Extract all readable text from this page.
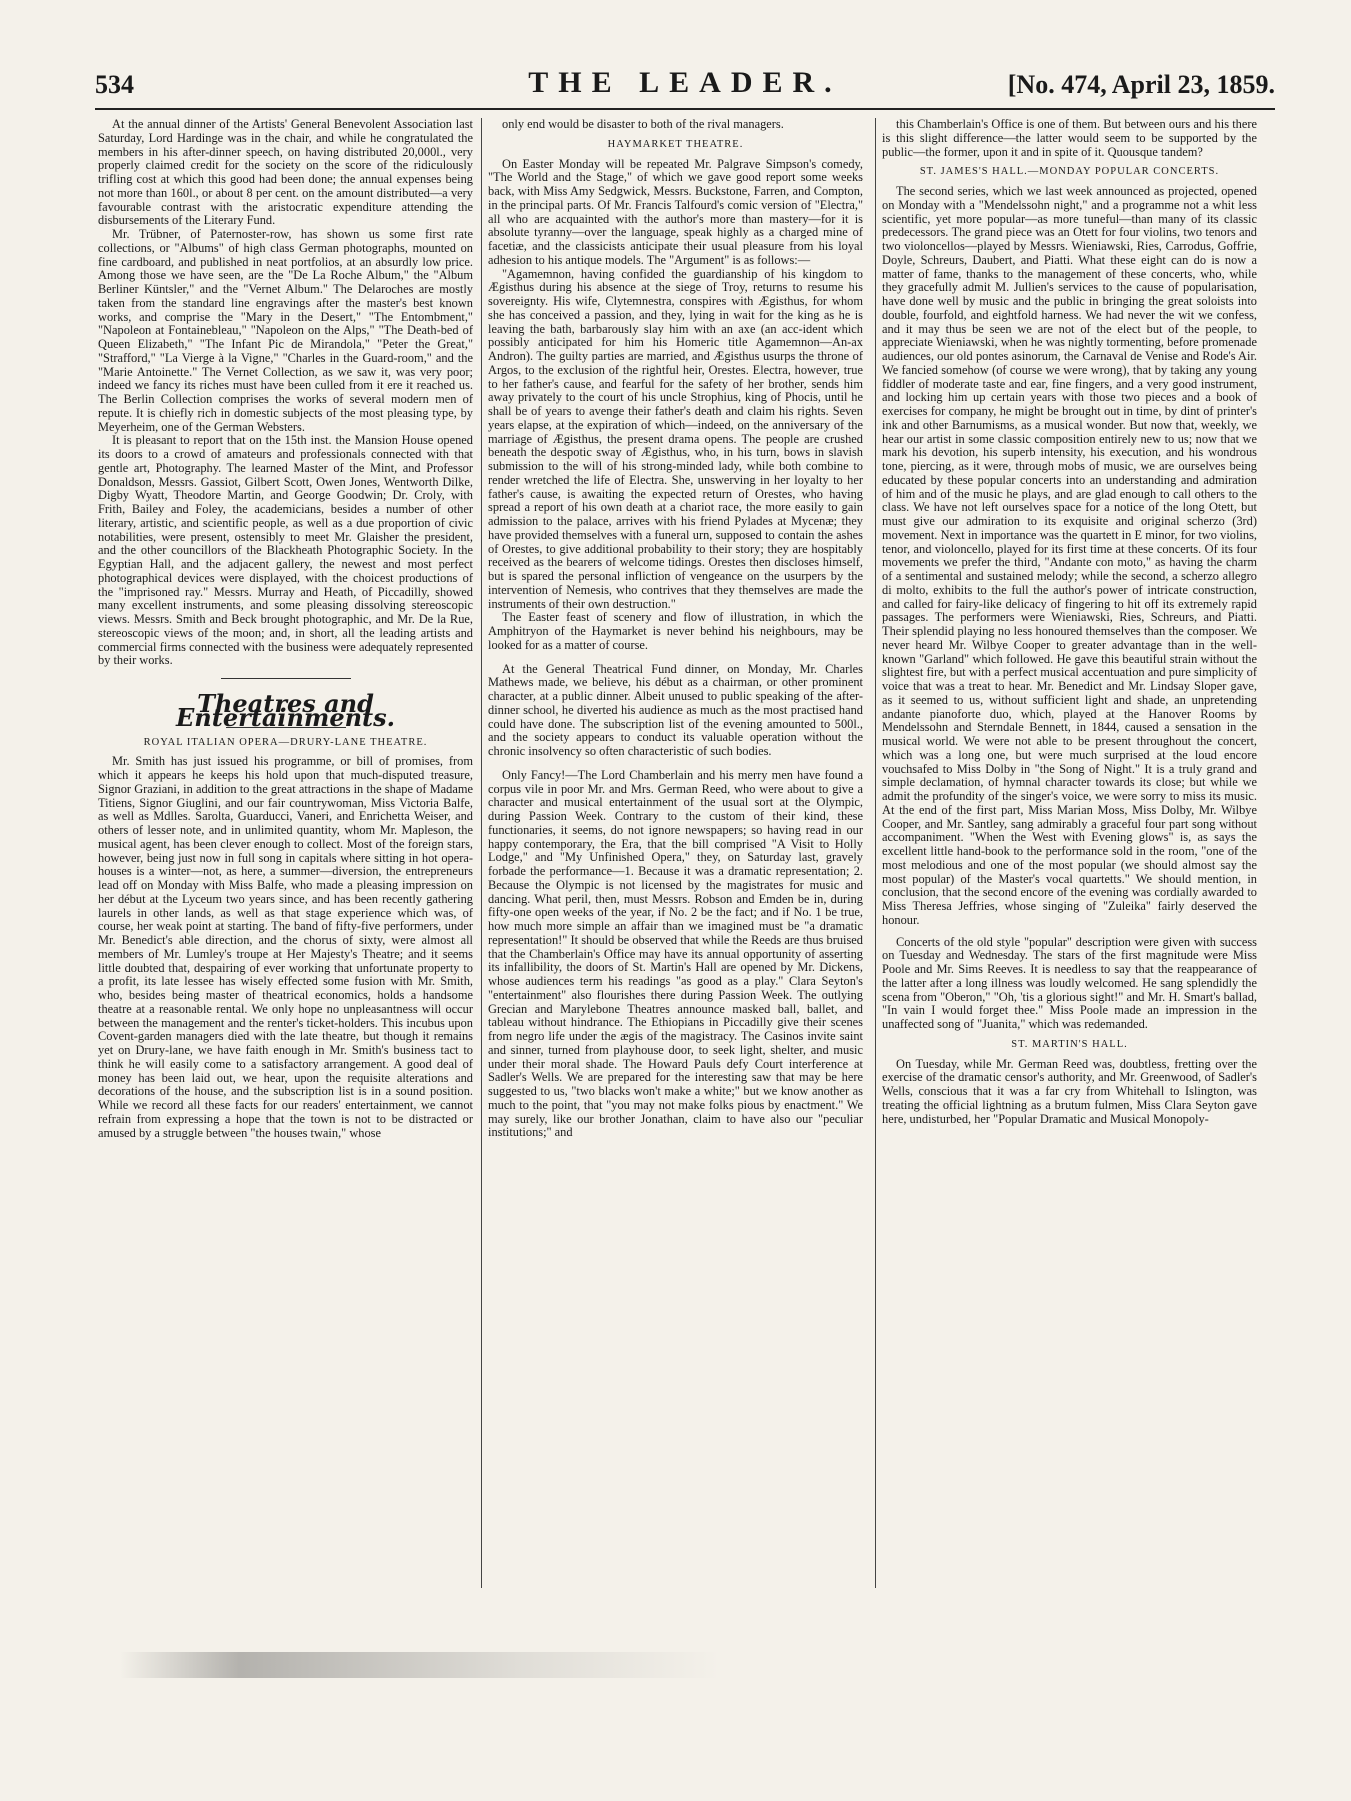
534	THE LEADER.	[No. 474, April 23, 1859.

At the annual dinner of the Artists' General Benevolent Association last Saturday, Lord Hardinge was in the chair, and while he congratulated the members in his after-dinner speech, on having distributed 20,000l., very properly claimed credit for the society on the score of the ridiculously trifling cost at which this good had been done; the annual expenses being not more than 160l., or about 8 per cent. on the amount distributed—a very favourable contrast with the aristocratic expenditure attending the disbursements of the Literary Fund.

Mr. Trübner, of Paternoster-row, has shown us some first rate collections, or "Albums" of high class German photographs, mounted on fine cardboard, and published in neat portfolios, at an absurdly low price. Among those we have seen, are the "De La Roche Album," the "Album Berliner Küntsler," and the "Vernet Album." The Delaroches are mostly taken from the standard line engravings after the master's best known works, and comprise the "Mary in the Desert," "The Entombment," "Napoleon at Fontainebleau," "Napoleon on the Alps," "The Death-bed of Queen Elizabeth," "The Infant Pic de Mirandola," "Peter the Great," "Strafford," "La Vierge à la Vigne," "Charles in the Guard-room," and the "Marie Antoinette." The Vernet Collection, as we saw it, was very poor; indeed we fancy its riches must have been culled from it ere it reached us. The Berlin Collection comprises the works of several modern men of repute. It is chiefly rich in domestic subjects of the most pleasing type, by Meyerheim, one of the German Websters.

It is pleasant to report that on the 15th inst. the Mansion House opened its doors to a crowd of amateurs and professionals connected with that gentle art, Photography. The learned Master of the Mint, and Professor Donaldson, Messrs. Gassiot, Gilbert Scott, Owen Jones, Wentworth Dilke, Digby Wyatt, Theodore Martin, and George Goodwin; Dr. Croly, with Frith, Bailey and Foley, the academicians, besides a number of other literary, artistic, and scientific people, as well as a due proportion of civic notabilities, were present, ostensibly to meet Mr. Glaisher the president, and the other councillors of the Blackheath Photographic Society. In the Egyptian Hall, and the adjacent gallery, the newest and most perfect photographical devices were displayed, with the choicest productions of the "imprisoned ray." Messrs. Murray and Heath, of Piccadilly, showed many excellent instruments, and some pleasing dissolving stereoscopic views. Messrs. Smith and Beck brought photographic, and Mr. De la Rue, stereoscopic views of the moon; and, in short, all the leading artists and commercial firms connected with the business were adequately represented by their works.

Theatres and Entertainments.
ROYAL ITALIAN OPERA—DRURY-LANE THEATRE.

Mr. Smith has just issued his programme, or bill of promises, from which it appears he keeps his hold upon that much-disputed treasure, Signor Graziani, in addition to the great attractions in the shape of Madame Titiens, Signor Giuglini, and our fair countrywoman, Miss Victoria Balfe, as well as Mdlles. Sarolta, Guarducci, Vaneri, and Enrichetta Weiser, and others of lesser note, and in unlimited quantity, whom Mr. Mapleson, the musical agent, has been clever enough to collect. Most of the foreign stars, however, being just now in full song in capitals where sitting in hot opera-houses is a winter—not, as here, a summer—diversion, the entrepreneurs lead off on Monday with Miss Balfe, who made a pleasing impression on her début at the Lyceum two years since, and has been recently gathering laurels in other lands, as well as that stage experience which was, of course, her weak point at starting. The band of fifty-five performers, under Mr. Benedict's able direction, and the chorus of sixty, were almost all members of Mr. Lumley's troupe at Her Majesty's Theatre; and it seems little doubted that, despairing of ever working that unfortunate property to a profit, its late lessee has wisely effected some fusion with Mr. Smith, who, besides being master of theatrical economics, holds a handsome theatre at a reasonable rental. We only hope no unpleasantness will occur between the management and the renter's ticket-holders. This incubus upon Covent-garden managers died with the late theatre, but though it remains yet on Drury-lane, we have faith enough in Mr. Smith's business tact to think he will easily come to a satisfactory arrangement. A good deal of money has been laid out, we hear, upon the requisite alterations and decorations of the house, and the subscription list is in a sound position. While we record all these facts for our readers' entertainment, we cannot refrain from expressing a hope that the town is not to be distracted or amused by a struggle between "the houses twain," whose

only end would be disaster to both of the rival managers.

HAYMARKET THEATRE.

On Easter Monday will be repeated Mr. Palgrave Simpson's comedy, "The World and the Stage," of which we gave good report some weeks back, with Miss Amy Sedgwick, Messrs. Buckstone, Farren, and Compton, in the principal parts. Of Mr. Francis Talfourd's comic version of "Electra," all who are acquainted with the author's more than mastery—for it is absolute tyranny—over the language, speak highly as a charged mine of facetiæ, and the classicists anticipate their usual pleasure from his loyal adhesion to his antique models. The "Argument" is as follows:—

"Agamemnon, having confided the guardianship of his kingdom to Ægisthus during his absence at the siege of Troy, returns to resume his sovereignty. His wife, Clytemnestra, conspires with Ægisthus, for whom she has conceived a passion, and they, lying in wait for the king as he is leaving the bath, barbarously slay him with an axe (an acc-ident which possibly anticipated for him his Homeric title Agamemnon—An-ax Andron). The guilty parties are married, and Ægisthus usurps the throne of Argos, to the exclusion of the rightful heir, Orestes. Electra, however, true to her father's cause, and fearful for the safety of her brother, sends him away privately to the court of his uncle Strophius, king of Phocis, until he shall be of years to avenge their father's death and claim his rights. Seven years elapse, at the expiration of which—indeed, on the anniversary of the marriage of Ægisthus, the present drama opens. The people are crushed beneath the despotic sway of Ægisthus, who, in his turn, bows in slavish submission to the will of his strong-minded lady, while both combine to render wretched the life of Electra. She, unswerving in her loyalty to her father's cause, is awaiting the expected return of Orestes, who having spread a report of his own death at a chariot race, the more easily to gain admission to the palace, arrives with his friend Pylades at Mycenæ; they have provided themselves with a funeral urn, supposed to contain the ashes of Orestes, to give additional probability to their story; they are hospitably received as the bearers of welcome tidings. Orestes then discloses himself, but is spared the personal infliction of vengeance on the usurpers by the intervention of Nemesis, who contrives that they themselves are made the instruments of their own destruction."

The Easter feast of scenery and flow of illustration, in which the Amphitryon of the Haymarket is never behind his neighbours, may be looked for as a matter of course.

At the General Theatrical Fund dinner, on Monday, Mr. Charles Mathews made, we believe, his début as a chairman, or other prominent character, at a public dinner. Albeit unused to public speaking of the after-dinner school, he diverted his audience as much as the most practised hand could have done. The subscription list of the evening amounted to 500l., and the society appears to conduct its valuable operation without the chronic insolvency so often characteristic of such bodies.

Only Fancy!—The Lord Chamberlain and his merry men have found a corpus vile in poor Mr. and Mrs. German Reed, who were about to give a character and musical entertainment of the usual sort at the Olympic, during Passion Week. Contrary to the custom of their kind, these functionaries, it seems, do not ignore newspapers; so having read in our happy contemporary, the Era, that the bill comprised "A Visit to Holly Lodge," and "My Unfinished Opera," they, on Saturday last, gravely forbade the performance—1. Because it was a dramatic representation; 2. Because the Olympic is not licensed by the magistrates for music and dancing. What peril, then, must Messrs. Robson and Emden be in, during fifty-one open weeks of the year, if No. 2 be the fact; and if No. 1 be true, how much more simple an affair than we imagined must be "a dramatic representation!" It should be observed that while the Reeds are thus bruised that the Chamberlain's Office may have its annual opportunity of asserting its infallibility, the doors of St. Martin's Hall are opened by Mr. Dickens, whose audiences term his readings "as good as a play." Clara Seyton's "entertainment" also flourishes there during Passion Week. The outlying Grecian and Marylebone Theatres announce masked ball, ballet, and tableau without hindrance. The Ethiopians in Piccadilly give their scenes from negro life under the ægis of the magistracy. The Casinos invite saint and sinner, turned from playhouse door, to seek light, shelter, and music under their moral shade. The Howard Pauls defy Court interference at Sadler's Wells. We are prepared for the interesting saw that may be here suggested to us, "two blacks won't make a white;" but we know another as much to the point, that "you may not make folks pious by enactment." We may surely, like our brother Jonathan, claim to have also our "peculiar institutions;" and

this Chamberlain's Office is one of them. But between ours and his there is this slight difference—the latter would seem to be supported by the public—the former, upon it and in spite of it. Quousque tandem?

ST. JAMES'S HALL.—MONDAY POPULAR CONCERTS.

The second series, which we last week announced as projected, opened on Monday with a "Mendelssohn night," and a programme not a whit less scientific, yet more popular—as more tuneful—than many of its classic predecessors. The grand piece was an Otett for four violins, two tenors and two violoncellos—played by Messrs. Wieniawski, Ries, Carrodus, Goffrie, Doyle, Schreurs, Daubert, and Piatti. What these eight can do is now a matter of fame, thanks to the management of these concerts, who, while they gracefully admit M. Jullien's services to the cause of popularisation, have done well by music and the public in bringing the great soloists into double, fourfold, and eightfold harness. We had never the wit we confess, and it may thus be seen we are not of the elect but of the people, to appreciate Wieniawski, when he was nightly tormenting, before promenade audiences, our old pontes asinorum, the Carnaval de Venise and Rode's Air. We fancied somehow (of course we were wrong), that by taking any young fiddler of moderate taste and ear, fine fingers, and a very good instrument, and locking him up certain years with those two pieces and a book of exercises for company, he might be brought out in time, by dint of printer's ink and other Barnumisms, as a musical wonder. But now that, weekly, we hear our artist in some classic composition entirely new to us; now that we mark his devotion, his superb intensity, his execution, and his wondrous tone, piercing, as it were, through mobs of music, we are ourselves being educated by these popular concerts into an understanding and admiration of him and of the music he plays, and are glad enough to call others to the class. We have not left ourselves space for a notice of the long Otett, but must give our admiration to its exquisite and original scherzo (3rd) movement. Next in importance was the quartett in E minor, for two violins, tenor, and violoncello, played for its first time at these concerts. Of its four movements we prefer the third, "Andante con moto," as having the charm of a sentimental and sustained melody; while the second, a scherzo allegro di molto, exhibits to the full the author's power of intricate construction, and called for fairy-like delicacy of fingering to hit off its extremely rapid passages. The performers were Wieniawski, Ries, Schreurs, and Piatti. Their splendid playing no less honoured themselves than the composer. We never heard Mr. Wilbye Cooper to greater advantage than in the well-known "Garland" which followed. He gave this beautiful strain without the slightest fire, but with a perfect musical accentuation and pure simplicity of voice that was a treat to hear. Mr. Benedict and Mr. Lindsay Sloper gave, as it seemed to us, without sufficient light and shade, an unpretending andante pianoforte duo, which, played at the Hanover Rooms by Mendelssohn and Sterndale Bennett, in 1844, caused a sensation in the musical world. We were not able to be present throughout the concert, which was a long one, but were much surprised at the loud encore vouchsafed to Miss Dolby in "the Song of Night." It is a truly grand and simple declamation, of hymnal character towards its close; but while we admit the profundity of the singer's voice, we were sorry to miss its music. At the end of the first part, Miss Marian Moss, Miss Dolby, Mr. Wilbye Cooper, and Mr. Santley, sang admirably a graceful four part song without accompaniment. "When the West with Evening glows" is, as says the excellent little hand-book to the performance sold in the room, "one of the most melodious and one of the most popular (we should almost say the most popular) of the Master's vocal quartetts." We should mention, in conclusion, that the second encore of the evening was cordially awarded to Miss Theresa Jeffries, whose singing of "Zuleika" fairly deserved the honour.

Concerts of the old style "popular" description were given with success on Tuesday and Wednesday. The stars of the first magnitude were Miss Poole and Mr. Sims Reeves. It is needless to say that the reappearance of the latter after a long illness was loudly welcomed. He sang splendidly the scena from "Oberon," "Oh, 'tis a glorious sight!" and Mr. H. Smart's ballad, "In vain I would forget thee." Miss Poole made an impression in the unaffected song of "Juanita," which was redemanded.

ST. MARTIN'S HALL.

On Tuesday, while Mr. German Reed was, doubtless, fretting over the exercise of the dramatic censor's authority, and Mr. Greenwood, of Sadler's Wells, conscious that it was a far cry from Whitehall to Islington, was treating the official lightning as a brutum fulmen, Miss Clara Seyton gave here, undisturbed, her "Popular Dramatic and Musical Monopoly-
